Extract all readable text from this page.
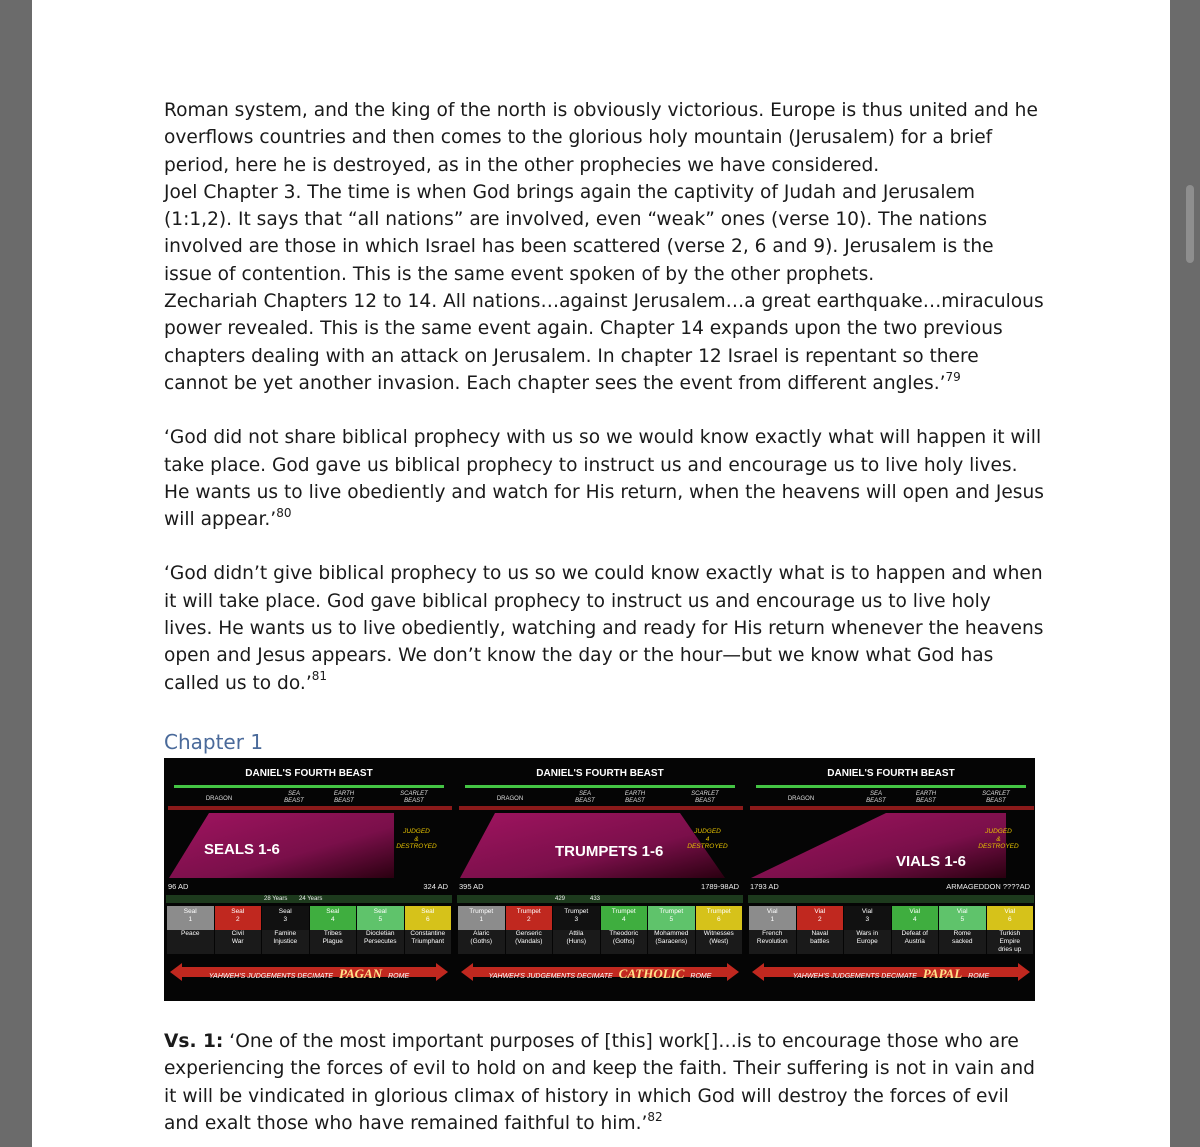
Roman system, and the king of the north is obviously victorious. Europe is thus united and he overflows countries and then comes to the glorious holy mountain (Jerusalem) for a brief period, here he is destroyed, as in the other prophecies we have considered.

Joel Chapter 3. The time is when God brings again the captivity of Judah and Jerusalem (1:1,2). It says that “all nations” are involved, even “weak” ones (verse 10). The nations involved are those in which Israel has been scattered (verse 2, 6 and 9). Jerusalem is the issue of contention. This is the same event spoken of by the other prophets.

Zechariah Chapters 12 to 14. All nations…against Jerusalem…a great earthquake…miraculous power revealed. This is the same event again. Chapter 14 expands upon the two previous chapters dealing with an attack on Jerusalem. In chapter 12 Israel is repentant so there cannot be yet another invasion. Each chapter sees the event from different angles.’$^{79}$

‘God did not share biblical prophecy with us so we would know exactly what will happen it will take place. God gave us biblical prophecy to instruct us and encourage us to live holy lives. He wants us to live obediently and watch for His return, when the heavens will open and Jesus will appear.’$^{80}$

‘God didn’t give biblical prophecy to us so we could know exactly what is to happen and when it will take place. God gave biblical prophecy to instruct us and encourage us to live holy lives. He wants us to live obediently, watching and ready for His return whenever the heavens open and Jesus appears. We don’t know the day or the hour—but we know what God has called us to do.’$^{81}$

Chapter 1
DANIEL'S FOURTH BEAST
DRAGON
SEA
BEAST
EARTH
BEAST
SCARLET
BEAST
SEALS 1-6
JUDGED
&
DESTROYED
96 AD	324 AD
28 Years 24 Years
Seal
1
Peace
Seal
2
Civil
War
Seal
3
Famine
Injustice
Seal
4
Tribes
Plague
Seal
5
Diocletian
Persecutes
Seal
6
Constantine
Triumphant
YAHWEH'S JUDGEMENTS DECIMATE PAGAN ROME
DANIEL'S FOURTH BEAST
DRAGON
SEA
BEAST
EARTH
BEAST
SCARLET
BEAST
TRUMPETS 1-6
JUDGED
4
DESTROYED
395 AD	1789-98AD
429	433
Trumpet
1
Alaric
(Goths)
Trumpet
2
Genseric
(Vandals)
Trumpet
3
Attila
(Huns)
Trumpet
4
Theodoric
(Goths)
Trumpet
5
Mohammed
(Saracens)
Trumpet
6
Witnesses
(West)
YAHWEH'S JUDGEMENTS DECIMATE CATHOLIC ROME
DANIEL'S FOURTH BEAST
DRAGON
SEA
BEAST
EARTH
BEAST
SCARLET
BEAST
VIALS 1-6
JUDGED
&
DESTROYED
1793 AD	ARMAGEDDON ????AD
Vial
1
French
Revolution
Vial
2
Naval
battles
Vial
3
Wars in
Europe
Vial
4
Defeat of
Austria
Vial
5
Rome
sacked
Vial
6
Turkish
Empire
dries up
YAHWEH'S JUDGEMENTS DECIMATE PAPAL ROME

Vs. 1: ‘One of the most important purposes of [this] work[]…is to encourage those who are experiencing the forces of evil to hold on and keep the faith. Their suffering is not in vain and it will be vindicated in glorious climax of history in which God will destroy the forces of evil and exalt those who have remained faithful to him.’$^{82}$
